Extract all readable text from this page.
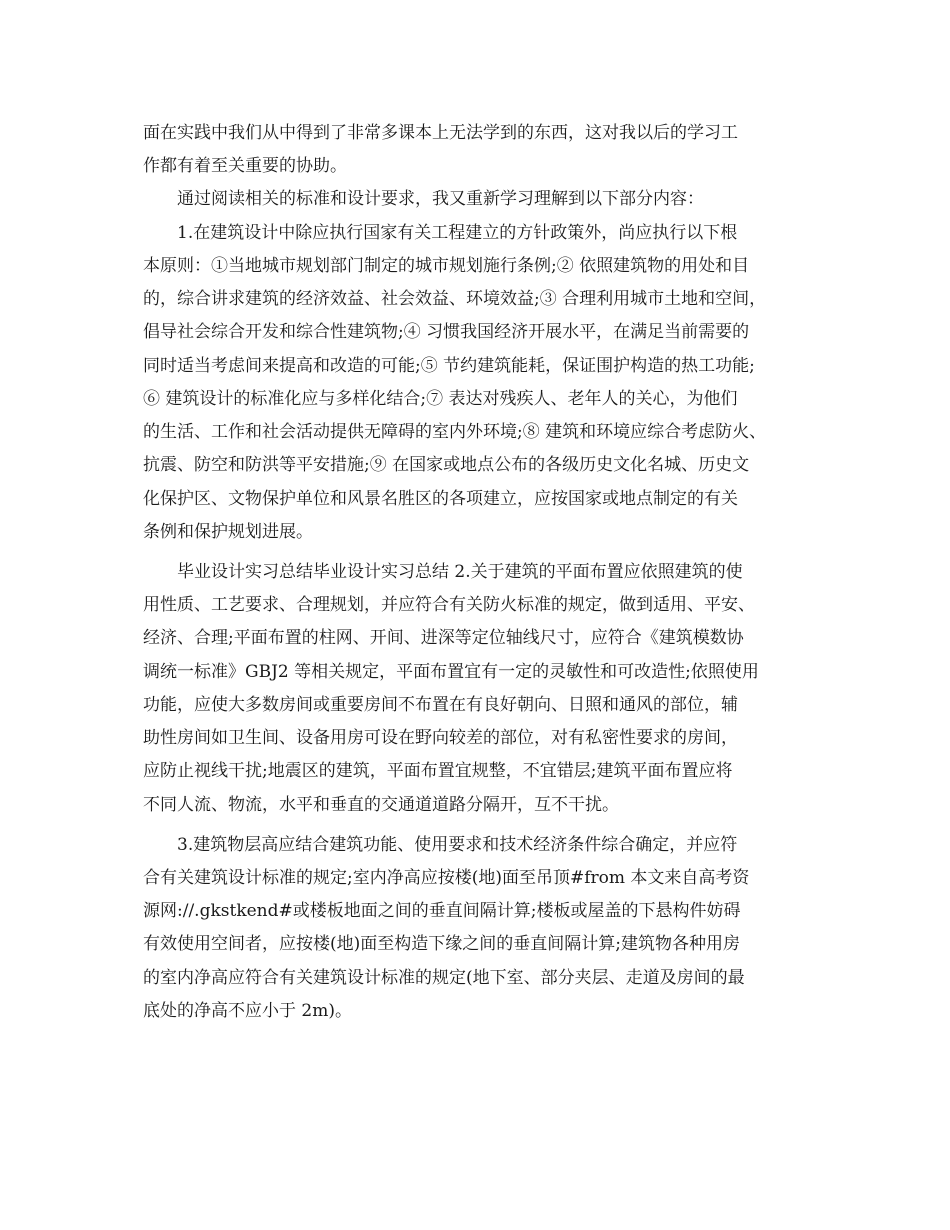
面在实践中我们从中得到了非常多课本上无法学到的东西，这对我以后的学习工
作都有着至关重要的协助。
通过阅读相关的标准和设计要求，我又重新学习理解到以下部分内容：
1.在建筑设计中除应执行国家有关工程建立的方针政策外，尚应执行以下根
本原则：①当地城市规划部门制定的城市规划施行条例;② 依照建筑物的用处和目
的，综合讲求建筑的经济效益、社会效益、环境效益;③ 合理利用城市土地和空间，
倡导社会综合开发和综合性建筑物;④ 习惯我国经济开展水平，在满足当前需要的
同时适当考虑间来提高和改造的可能;⑤ 节约建筑能耗，保证围护构造的热工功能;
⑥ 建筑设计的标准化应与多样化结合;⑦ 表达对残疾人、老年人的关心，为他们
的生活、工作和社会活动提供无障碍的室内外环境;⑧ 建筑和环境应综合考虑防火、
抗震、防空和防洪等平安措施;⑨ 在国家或地点公布的各级历史文化名城、历史文
化保护区、文物保护单位和风景名胜区的各项建立，应按国家或地点制定的有关
条例和保护规划进展。
毕业设计实习总结毕业设计实习总结 2.关于建筑的平面布置应依照建筑的使
用性质、工艺要求、合理规划，并应符合有关防火标准的规定，做到适用、平安、
经济、合理;平面布置的柱网、开间、进深等定位轴线尺寸，应符合《建筑模数协
调统一标准》GBJ2 等相关规定，平面布置宜有一定的灵敏性和可改造性;依照使用
功能，应使大多数房间或重要房间不布置在有良好朝向、日照和通风的部位，辅
助性房间如卫生间、设备用房可设在野向较差的部位，对有私密性要求的房间，
应防止视线干扰;地震区的建筑，平面布置宜规整，不宜错层;建筑平面布置应将
不同人流、物流，水平和垂直的交通道道路分隔开，互不干扰。
3.建筑物层高应结合建筑功能、使用要求和技术经济条件综合确定，并应符
合有关建筑设计标准的规定;室内净高应按楼(地)面至吊顶#from 本文来自高考资
源网://.gkstkend#或楼板地面之间的垂直间隔计算;楼板或屋盖的下悬构件妨碍
有效使用空间者，应按楼(地)面至构造下缘之间的垂直间隔计算;建筑物各种用房
的室内净高应符合有关建筑设计标准的规定(地下室、部分夹层、走道及房间的最
底处的净高不应小于 2m)。
